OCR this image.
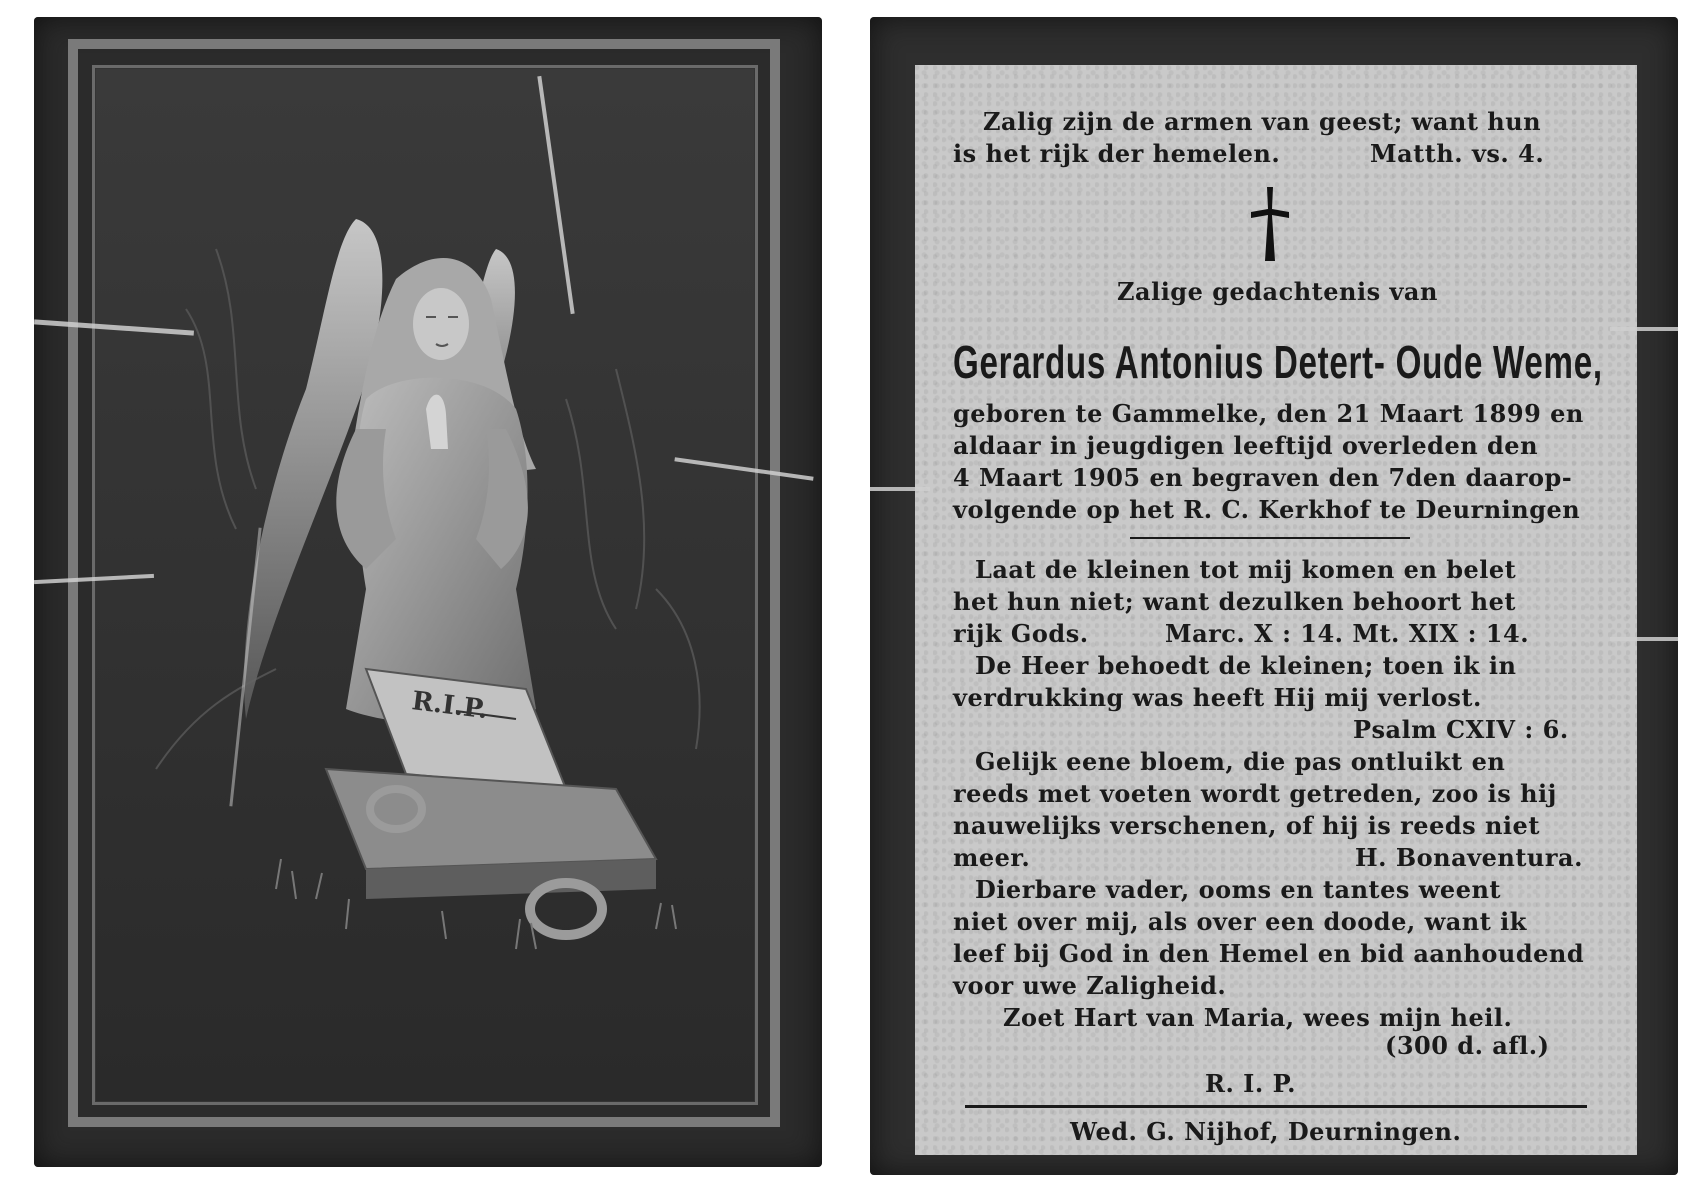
R.I.P.
Zalig zijn de armen van geest; want hun
is het rijk der hemelen.	Matth. vs. 4.
Zalige gedachtenis van
Gerardus Antonius Detert- Oude Weme,
geboren te Gammelke, den 21 Maart 1899 en
aldaar in jeugdigen leeftijd overleden den
4 Maart 1905 en begraven den 7den daarop-
volgende op het R. C. Kerkhof te Deurningen
Laat de kleinen tot mij komen en belet
het hun niet; want dezulken behoort het
rijk Gods.	Marc. X : 14. Mt. XIX : 14.
De Heer behoedt de kleinen; toen ik in
verdrukking was heeft Hij mij verlost.
Psalm CXIV : 6.
Gelijk eene bloem, die pas ontluikt en
reeds met voeten wordt getreden, zoo is hij
nauwelijks verschenen, of hij is reeds niet
meer.	H. Bonaventura.
Dierbare vader, ooms en tantes weent
niet over mij, als over een doode, want ik
leef bij God in den Hemel en bid aanhoudend
voor uwe Zaligheid.
Zoet Hart van Maria, wees mijn heil.
(300 d. afl.)
R. I. P.
Wed. G. Nijhof, Deurningen.
